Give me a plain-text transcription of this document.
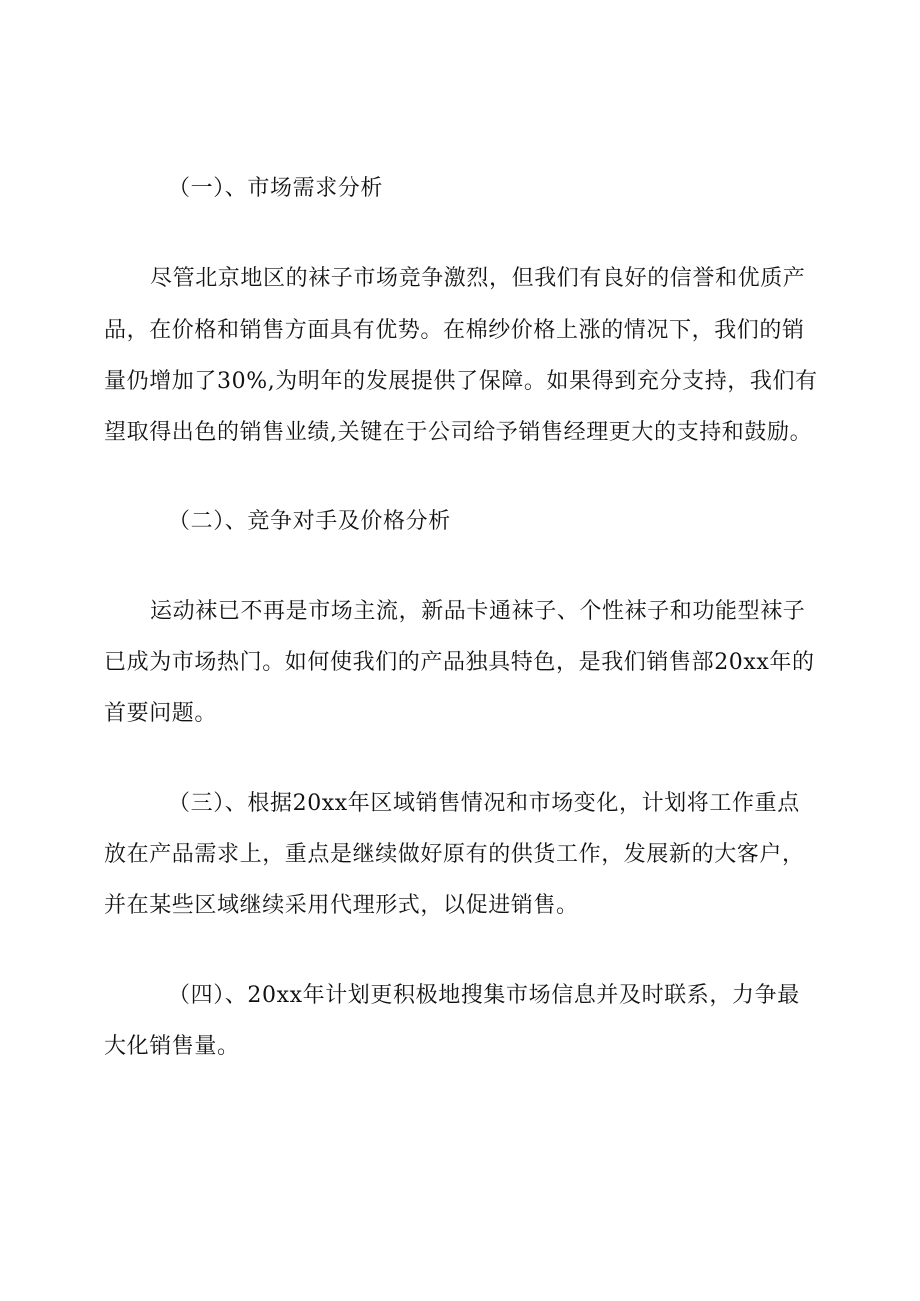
（一）、市场需求分析
尽管北京地区的袜子市场竞争激烈，但我们有良好的信誉和优质产
品，在价格和销售方面具有优势。在棉纱价格上涨的情况下，我们的销
量仍增加了30%,为明年的发展提供了保障。如果得到充分支持，我们有
望取得出色的销售业绩,关键在于公司给予销售经理更大的支持和鼓励。
（二）、竞争对手及价格分析
运动袜已不再是市场主流，新品卡通袜子、个性袜子和功能型袜子
已成为市场热门。如何使我们的产品独具特色，是我们销售部20xx年的
首要问题。
（三）、根据20xx年区域销售情况和市场变化，计划将工作重点
放在产品需求上，重点是继续做好原有的供货工作，发展新的大客户，
并在某些区域继续采用代理形式，以促进销售。
（四）、20xx年计划更积极地搜集市场信息并及时联系，力争最
大化销售量。
